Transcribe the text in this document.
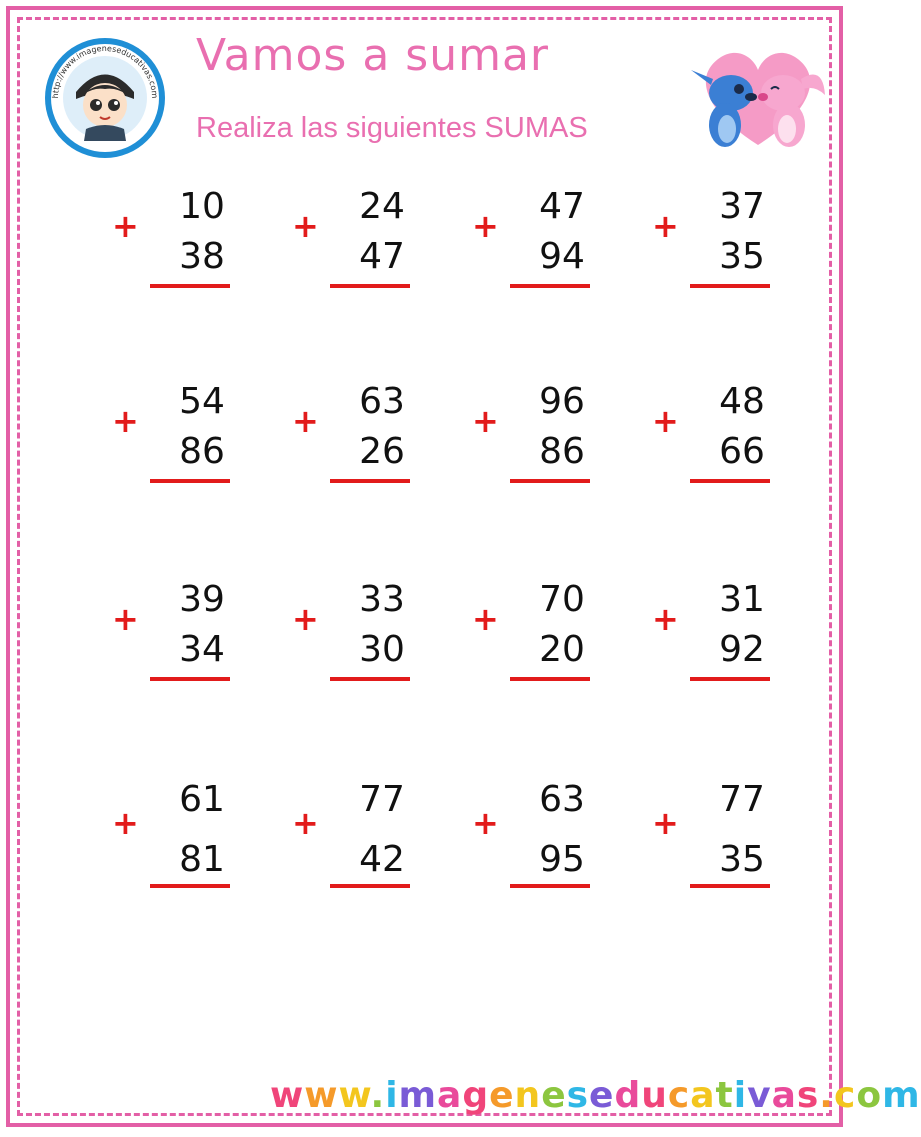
http://www.imageneseducativas.com
Vamos a sumar

Realiza las siguientes SUMAS

+	10
38
+	24
47
+	47
94
+	37
35
+	54
86
+	63
26
+	96
86
+	48
66
+	39
34
+	33
30
+	70
20
+	31
92
+
61
81
+
77
42
+
63
95
+
77
35
www.imageneseducativas.com
